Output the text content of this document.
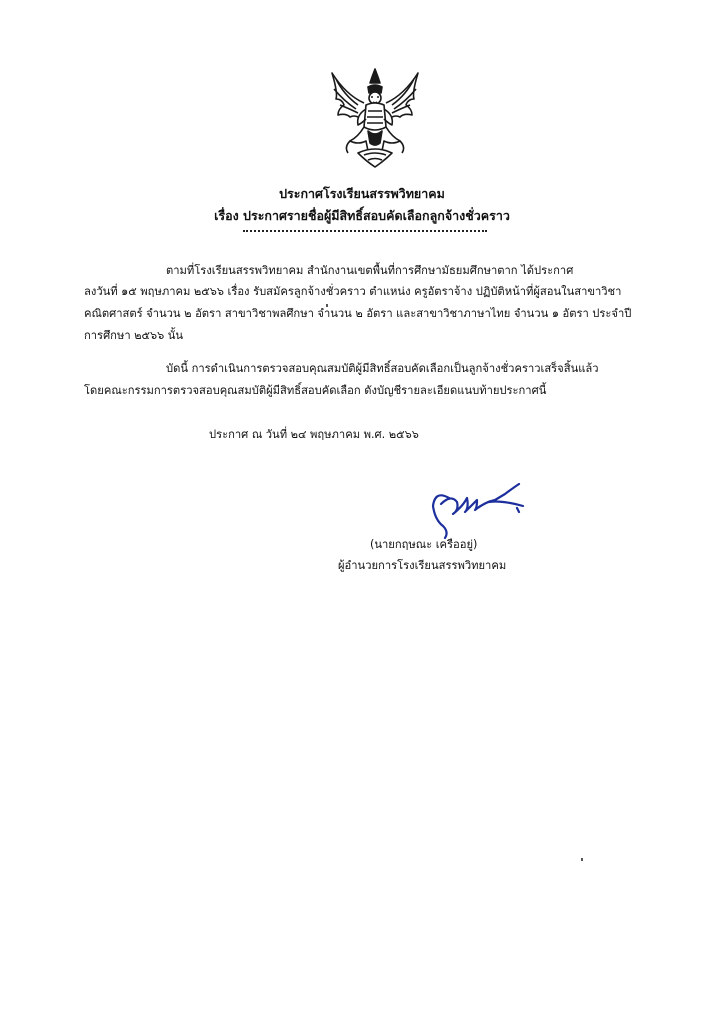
ประกาศโรงเรียนสรรพวิทยาคม
เรื่อง ประกาศรายชื่อผู้มีสิทธิ์สอบคัดเลือกลูกจ้างชั่วคราว
ตามที่โรงเรียนสรรพวิทยาคม สำนักงานเขตพื้นที่การศึกษามัธยมศึกษาตาก ได้ประกาศ
ลงวันที่ ๑๕ พฤษภาคม ๒๕๖๖ เรื่อง รับสมัครลูกจ้างชั่วคราว ตำแหน่ง ครูอัตราจ้าง ปฏิบัติหน้าที่ผู้สอนในสาขาวิชา
คณิตศาสตร์ จำนวน ๒ อัตรา สาขาวิชาพลศึกษา จำนวน ๒ อัตรา และสาขาวิชาภาษาไทย จำนวน ๑ อัตรา ประจำปี
การศึกษา ๒๕๖๖ นั้น
บัดนี้ การดำเนินการตรวจสอบคุณสมบัติผู้มีสิทธิ์สอบคัดเลือกเป็นลูกจ้างชั่วคราวเสร็จสิ้นแล้ว
โดยคณะกรรมการตรวจสอบคุณสมบัติผู้มีสิทธิ์สอบคัดเลือก ดังบัญชีรายละเอียดแนบท้ายประกาศนี้
ประกาศ ณ วันที่ ๒๔ พฤษภาคม พ.ศ. ๒๕๖๖
(นายกฤษณะ เครืออยู่)
ผู้อำนวยการโรงเรียนสรรพวิทยาคม
